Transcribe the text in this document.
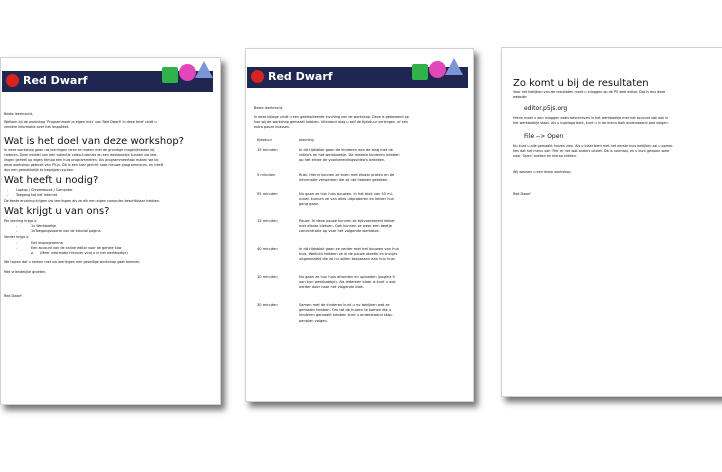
Red Dwarf
Beste leerkracht,
Welkom bij de workshop 'Programmeer je eigen huis' van Red Dwarf! In deze brief vindt u
verdere informatie over het lespakket.
Wat is het doel van deze workshop?
In deze workshop gaan uw leerlingen leren te maken met de grondige mogelijkheden bij
coderen. Door middel van een collectie video-tutorials en een werkboekje kunnen uw leer-
lingen geheel op eigen tempo een huis programmeren. Als programmeertaal maken we bij
deze workshop gebruik van P5.js. Dit is een taal gericht naar nieuwe programmeurs, en heeft
dus een gemakkelijk te begrijpen syntax.
Wat heeft u nodig?
- Laptop / Chromebook / Computer
- Toegang tot het internet
De beste ervaring krijgen uw leerlingen als ze elk een eigen computer beschikbaar hebben.
Wat krijgt u van ons?
Per leerling krijgt u:
-	1x Werkboekje
-	1xToegangskaarte van de tutorial pagina
Verder krijgt u:
-	Het lesprogramma
-	Een account van de online editor voor de gehele klas
o (Meer informatie hierover vind u in het werkboekje)
We hopen dat u samen met uw leerlingen een gezellige workshop gaat beleven,
Met vriendelijke groeten,
Red Dwarf
Red Dwarf
Beste leerkracht,
In deze bijlage vindt u een gedetailleerde invulling van de workshop. Deze is gebaseerd op
hoe wij de workshop gemaakt hebben. Uiteraard mag u zelf de tijdsduur verlengen, of een
extra pauze inlassen.
tijdsduur	planning
15 minuten	In dit tijdsblok gaan de kinderen aan de slag met de
video's en het werkboekje. De meeste kinderen hebben
op het einde de voorbereidingsvideo's bekeken.
5 minuten	Rust. Hierin kunnen ze even met elkaar praten en de
informatie verwerken die ze net hebben gekeken.
55 minuten	Nu gaan ze hun huis bouwen. In het blok van 55 mi-
nuten kunnen ze van alles uitproberen en lekker hun
gang gaan.
15 minuten	Pauze. In deze pauze kunnen ze tijdvoorbereid lekker
met elkaar kletsen. Ook kunnen ze weer een beetje
concentratie op voor het volgende werkblok.
40 minuten	In dit tijdsblok gaan ze verder met het bouwen van hun
huis. Wellicht hebben ze in de pauze ideeën en trucjes
uitgewisseld die ze nu willen toepassen aan hun huis.
10 minuten	Nu gaan ze hun huis afronden en uploaden (pagina 9
van hun werkboekje). Als iedereen klaar is kunt u ook
eerder door naar het volgende blok.
30 minuten	Samen met de kinderen kunt u nu bekijken wat ze
gemaakt hebben. Om tot de huizen te komen die u
kinderen gemaakt hebben kunt u onderstaand stap-
penplan volgen.
Zo komt u bij de resultaten
Voor het bekijken van de resultaten moet u inloggen op de P5 web editor. Dat is dus deze
website:
editor.p5js.org
Hierin moet u dan inloggen zoals beschreven in het werkboekje met het account dat ook in
het werkboekje staat. Als u ingelogd bent, kunt u in de menu balk onderstaand pad volgen:
File --> Open
Nu kunt u alle gemaakt huizen zien. Als u klaar bent met het eerste huis bekijken zal u opmer-
ken dat het menu van 'File' er net wat anders uitziet. Dit is normaal, en u kunt gewoon weer
naar 'Open' zoeken en hierop klikken.
Wij wensen u een leuke workshop,
Red Dwarf
